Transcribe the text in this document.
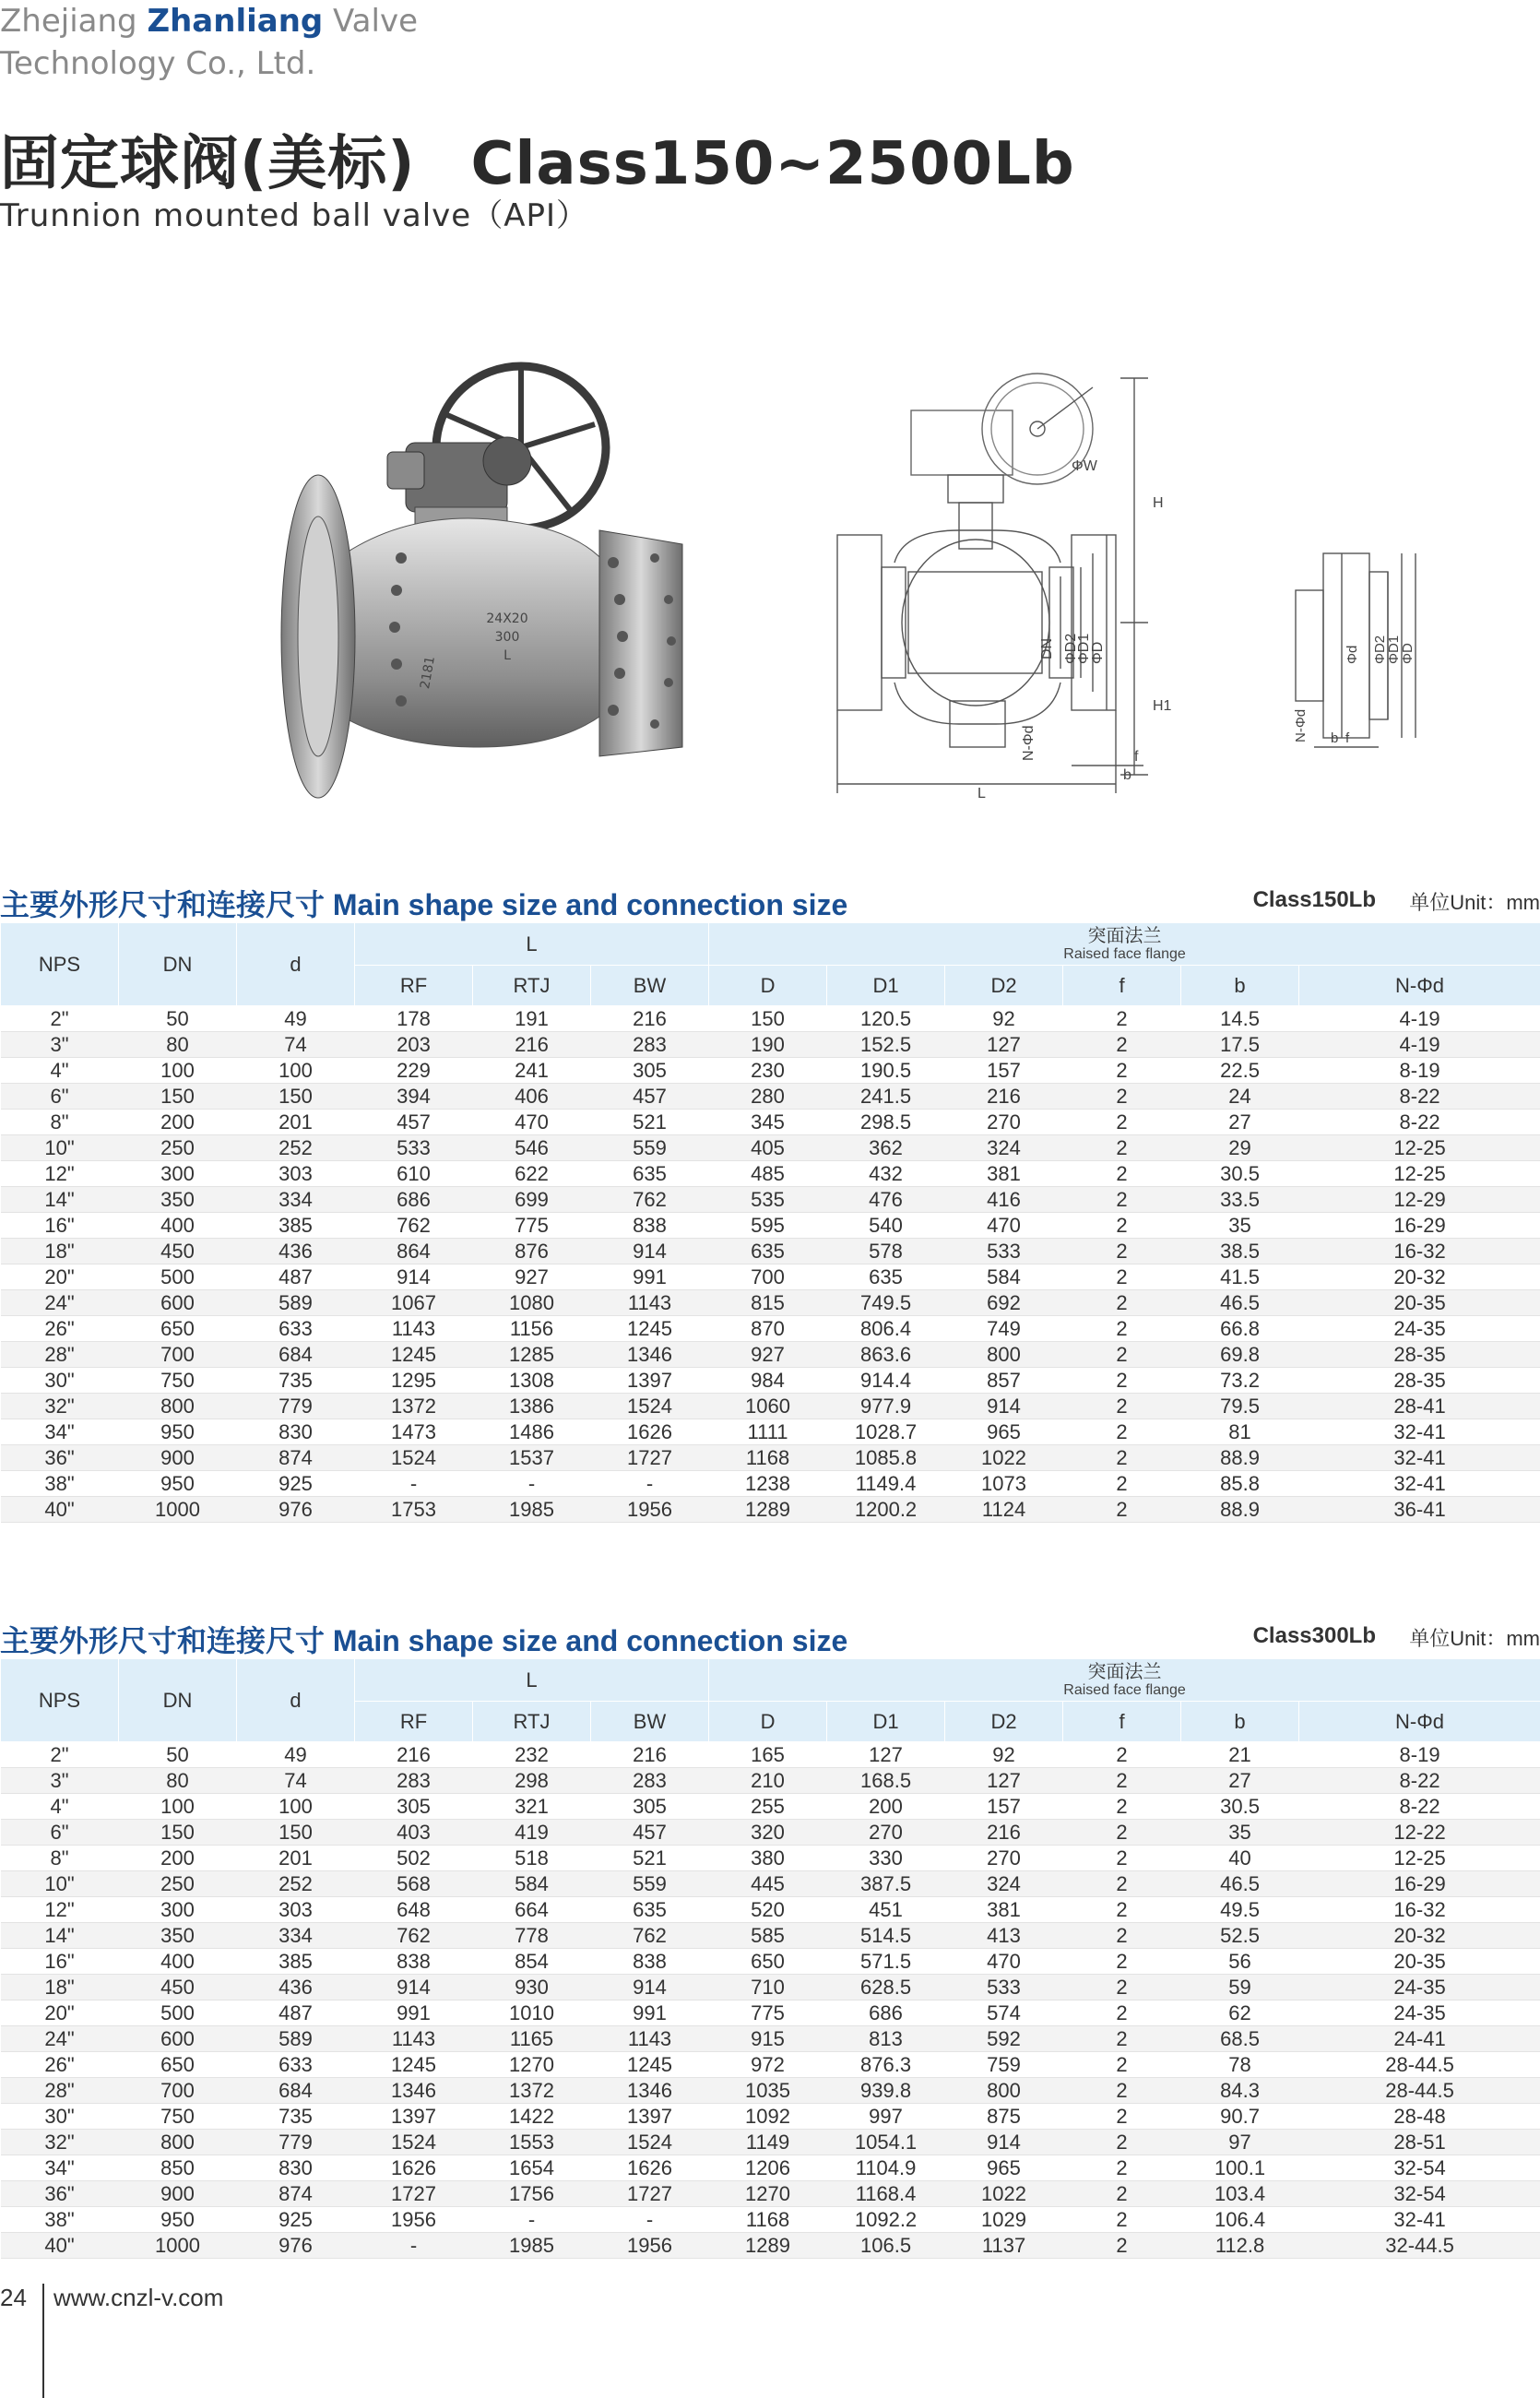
Zhejiang Zhanliang Valve
Technology Co., Ltd.
固定球阀(美标) Class150~2500Lb
Trunnion mounted ball valve（API）
24X20
300
L
2181
ΦW
H
H1
L
b
f
DN ΦD2
ΦD1
ΦD
N-Φd
Φd ΦD2
ΦD1
ΦD
N-Φd b f
主要外形尺寸和连接尺寸 Main shape size and connection size	Class150Lb 单位Unit：mm
NPS	DN	d	L			突面法兰
Raised face flange					

			RF	RTJ	BW	D	D1	D2	f	b	N-Φd
2"	50	49	178	191	216	150	120.5	92	2	14.5	4-19
3"	80	74	203	216	283	190	152.5	127	2	17.5	4-19
4"	100	100	229	241	305	230	190.5	157	2	22.5	8-19
6"	150	150	394	406	457	280	241.5	216	2	24	8-22
8"	200	201	457	470	521	345	298.5	270	2	27	8-22
10"	250	252	533	546	559	405	362	324	2	29	12-25
12"	300	303	610	622	635	485	432	381	2	30.5	12-25
14"	350	334	686	699	762	535	476	416	2	33.5	12-29
16"	400	385	762	775	838	595	540	470	2	35	16-29
18"	450	436	864	876	914	635	578	533	2	38.5	16-32
20"	500	487	914	927	991	700	635	584	2	41.5	20-32
24"	600	589	1067	1080	1143	815	749.5	692	2	46.5	20-35
26"	650	633	1143	1156	1245	870	806.4	749	2	66.8	24-35
28"	700	684	1245	1285	1346	927	863.6	800	2	69.8	28-35
30"	750	735	1295	1308	1397	984	914.4	857	2	73.2	28-35
32"	800	779	1372	1386	1524	1060	977.9	914	2	79.5	28-41
34"	950	830	1473	1486	1626	1111	1028.7	965	2	81	32-41
36"	900	874	1524	1537	1727	1168	1085.8	1022	2	88.9	32-41
38"	950	925	-	-	-	1238	1149.4	1073	2	85.8	32-41
40"	1000	976	1753	1985	1956	1289	1200.2	1124	2	88.9	36-41
主要外形尺寸和连接尺寸 Main shape size and connection size	Class300Lb 单位Unit：mm
NPS	DN	d	L			突面法兰
Raised face flange					

			RF	RTJ	BW	D	D1	D2	f	b	N-Φd
2"	50	49	216	232	216	165	127	92	2	21	8-19
3"	80	74	283	298	283	210	168.5	127	2	27	8-22
4"	100	100	305	321	305	255	200	157	2	30.5	8-22
6"	150	150	403	419	457	320	270	216	2	35	12-22
8"	200	201	502	518	521	380	330	270	2	40	12-25
10"	250	252	568	584	559	445	387.5	324	2	46.5	16-29
12"	300	303	648	664	635	520	451	381	2	49.5	16-32
14"	350	334	762	778	762	585	514.5	413	2	52.5	20-32
16"	400	385	838	854	838	650	571.5	470	2	56	20-35
18"	450	436	914	930	914	710	628.5	533	2	59	24-35
20"	500	487	991	1010	991	775	686	574	2	62	24-35
24"	600	589	1143	1165	1143	915	813	592	2	68.5	24-41
26"	650	633	1245	1270	1245	972	876.3	759	2	78	28-44.5
28"	700	684	1346	1372	1346	1035	939.8	800	2	84.3	28-44.5
30"	750	735	1397	1422	1397	1092	997	875	2	90.7	28-48
32"	800	779	1524	1553	1524	1149	1054.1	914	2	97	28-51
34"	850	830	1626	1654	1626	1206	1104.9	965	2	100.1	32-54
36"	900	874	1727	1756	1727	1270	1168.4	1022	2	103.4	32-54
38"	950	925	1956	-	-	1168	1092.2	1029	2	106.4	32-41
40"	1000	976	-	1985	1956	1289	106.5	1137	2	112.8	32-44.5
24 www.cnzl-v.com
